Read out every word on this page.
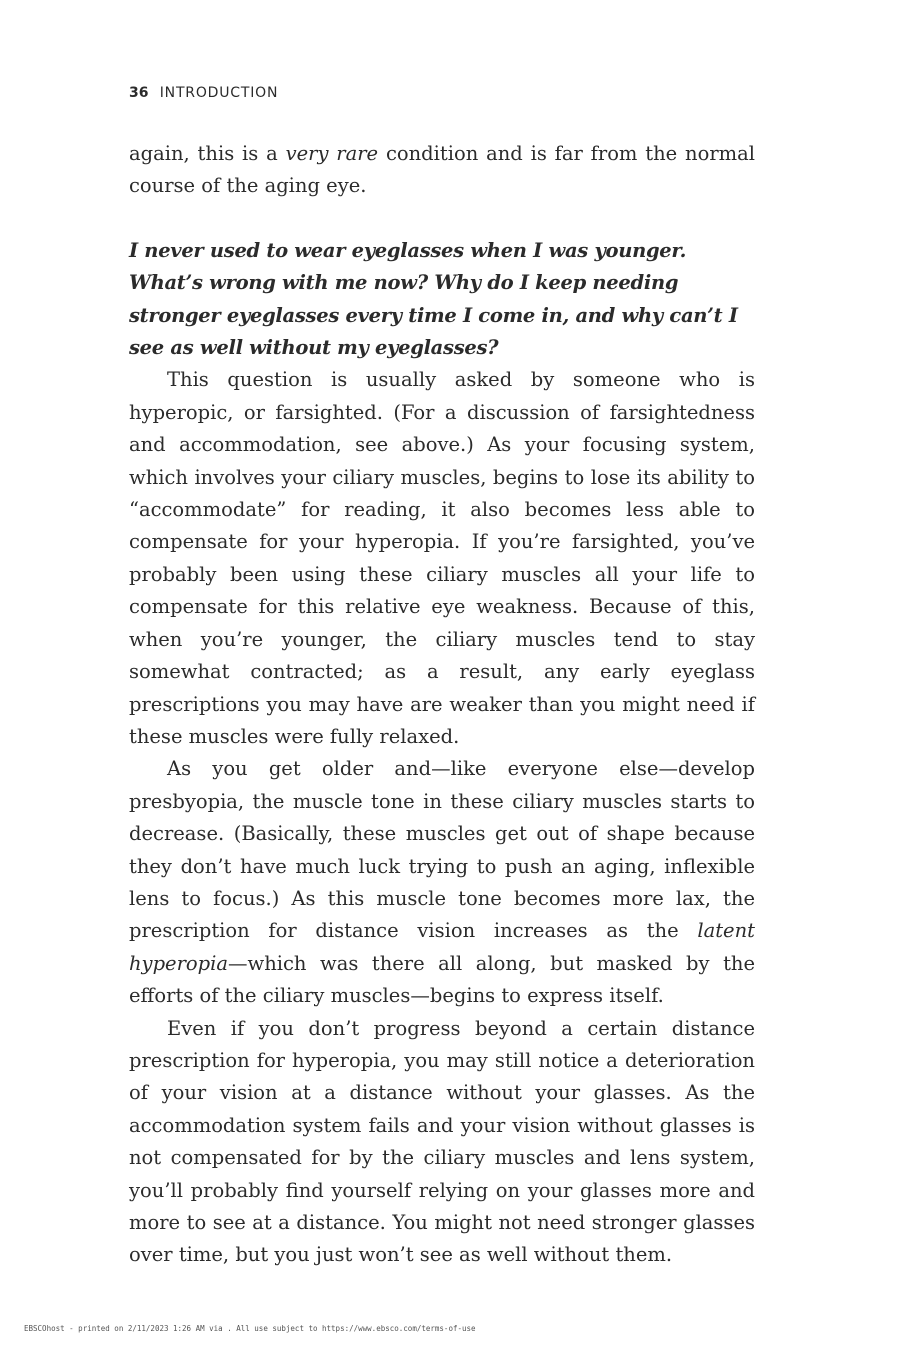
36 INTRODUCTION

again, this is a very rare condition and is far from the normal course of the aging eye.

I never used to wear eyeglasses when I was younger. What’s wrong with me now? Why do I keep needing stronger eyeglasses every time I come in, and why can’t I see as well without my eyeglasses?

This question is usually asked by someone who is hyperopic, or farsighted. (For a discussion of farsightedness and accommodation, see above.) As your focusing system, which involves your ciliary muscles, begins to lose its ability to “accommodate” for reading, it also becomes less able to compensate for your hyperopia. If you’re farsighted, you’ve probably been using these ciliary muscles all your life to compensate for this relative eye weakness. Because of this, when you’re younger, the ciliary muscles tend to stay somewhat contracted; as a result, any early eyeglass prescriptions you may have are weaker than you might need if these muscles were fully relaxed.

As you get older and—like everyone else—develop presbyopia, the muscle tone in these ciliary muscles starts to decrease. (Basically, these muscles get out of shape because they don’t have much luck trying to push an aging, inflexible lens to focus.) As this muscle tone becomes more lax, the prescription for distance vision increases as the latent hyperopia—which was there all along, but masked by the efforts of the ciliary muscles—begins to express itself.

Even if you don’t progress beyond a certain distance prescription for hyperopia, you may still notice a deterioration of your vision at a distance without your glasses. As the accommodation system fails and your vision without glasses is not compensated for by the ciliary muscles and lens system, you’ll probably find yourself relying on your glasses more and more to see at a distance. You might not need stronger glasses over time, but you just won’t see as well without them.

EBSCOhost - printed on 2/11/2023 1:26 AM via . All use subject to https://www.ebsco.com/terms-of-use
